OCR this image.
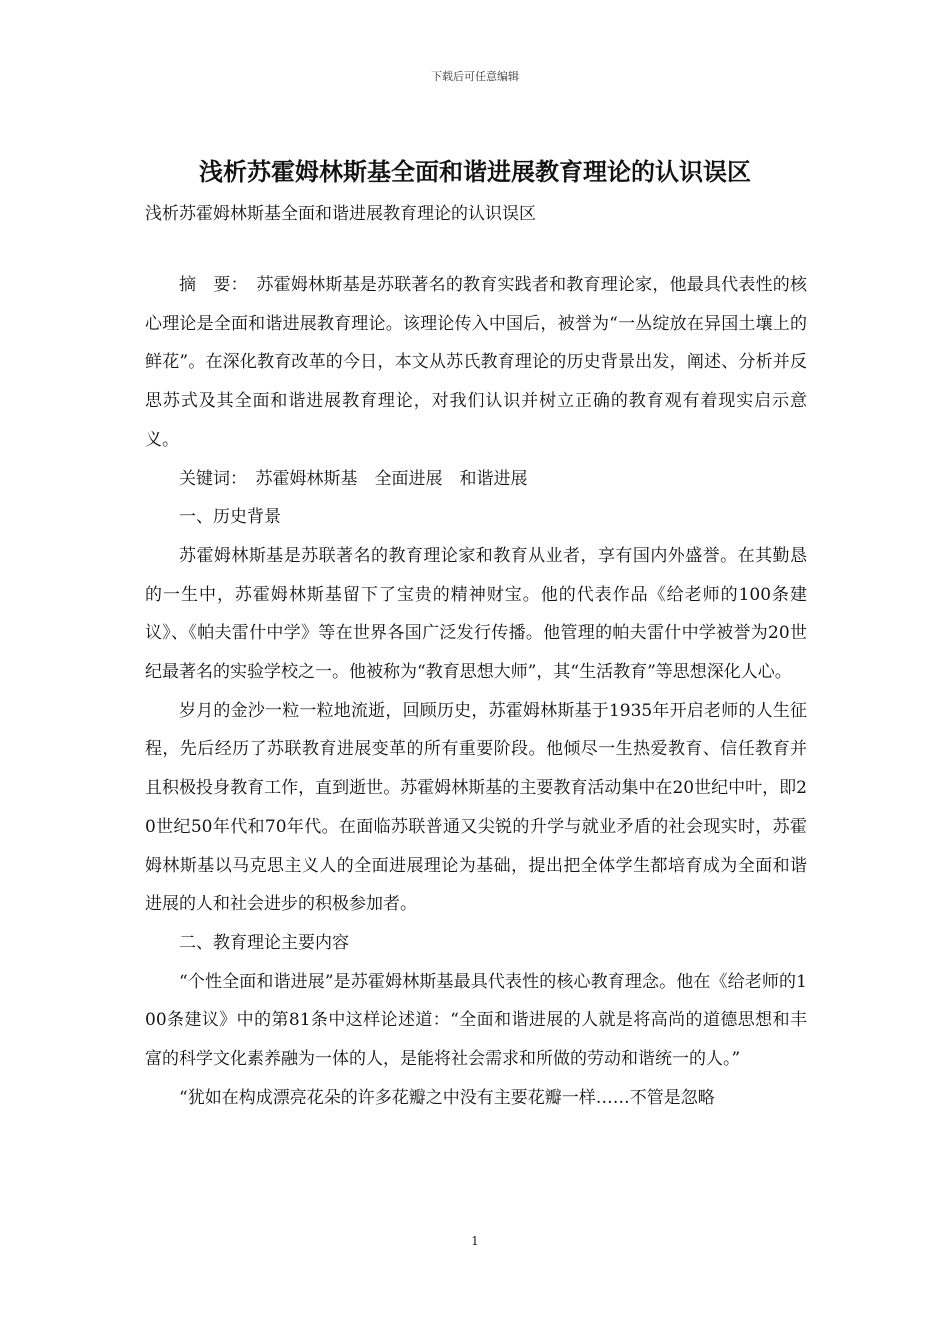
下载后可任意编辑
浅析苏霍姆林斯基全面和谐进展教育理论的认识误区
浅析苏霍姆林斯基全面和谐进展教育理论的认识误区

摘　要：　苏霍姆林斯基是苏联著名的教育实践者和教育理论家，他最具代表性的核心理论是全面和谐进展教育理论。该理论传入中国后，被誉为“一丛绽放在异国土壤上的鲜花”。在深化教育改革的今日，本文从苏氏教育理论的历史背景出发，阐述、分析并反思苏式及其全面和谐进展教育理论，对我们认识并树立正确的教育观有着现实启示意义。

关键词：　苏霍姆林斯基　全面进展　和谐进展

一、历史背景

苏霍姆林斯基是苏联著名的教育理论家和教育从业者，享有国内外盛誉。在其勤恳的一生中，苏霍姆林斯基留下了宝贵的精神财宝。他的代表作品《给老师的100条建议》、《帕夫雷什中学》等在世界各国广泛发行传播。他管理的帕夫雷什中学被誉为20世纪最著名的实验学校之一。他被称为“教育思想大师”，其“生活教育”等思想深化人心。

岁月的金沙一粒一粒地流逝，回顾历史，苏霍姆林斯基于1935年开启老师的人生征程，先后经历了苏联教育进展变革的所有重要阶段。他倾尽一生热爱教育、信任教育并且积极投身教育工作，直到逝世。苏霍姆林斯基的主要教育活动集中在20世纪中叶，即20世纪50年代和70年代。在面临苏联普通又尖锐的升学与就业矛盾的社会现实时，苏霍姆林斯基以马克思主义人的全面进展理论为基础，提出把全体学生都培育成为全面和谐进展的人和社会进步的积极参加者。

二、教育理论主要内容

“个性全面和谐进展”是苏霍姆林斯基最具代表性的核心教育理念。他在《给老师的100条建议》中的第81条中这样论述道：“全面和谐进展的人就是将高尚的道德思想和丰富的科学文化素养融为一体的人，是能将社会需求和所做的劳动和谐统一的人。”

“犹如在构成漂亮花朵的许多花瓣之中没有主要花瓣一样……不管是忽略

1
